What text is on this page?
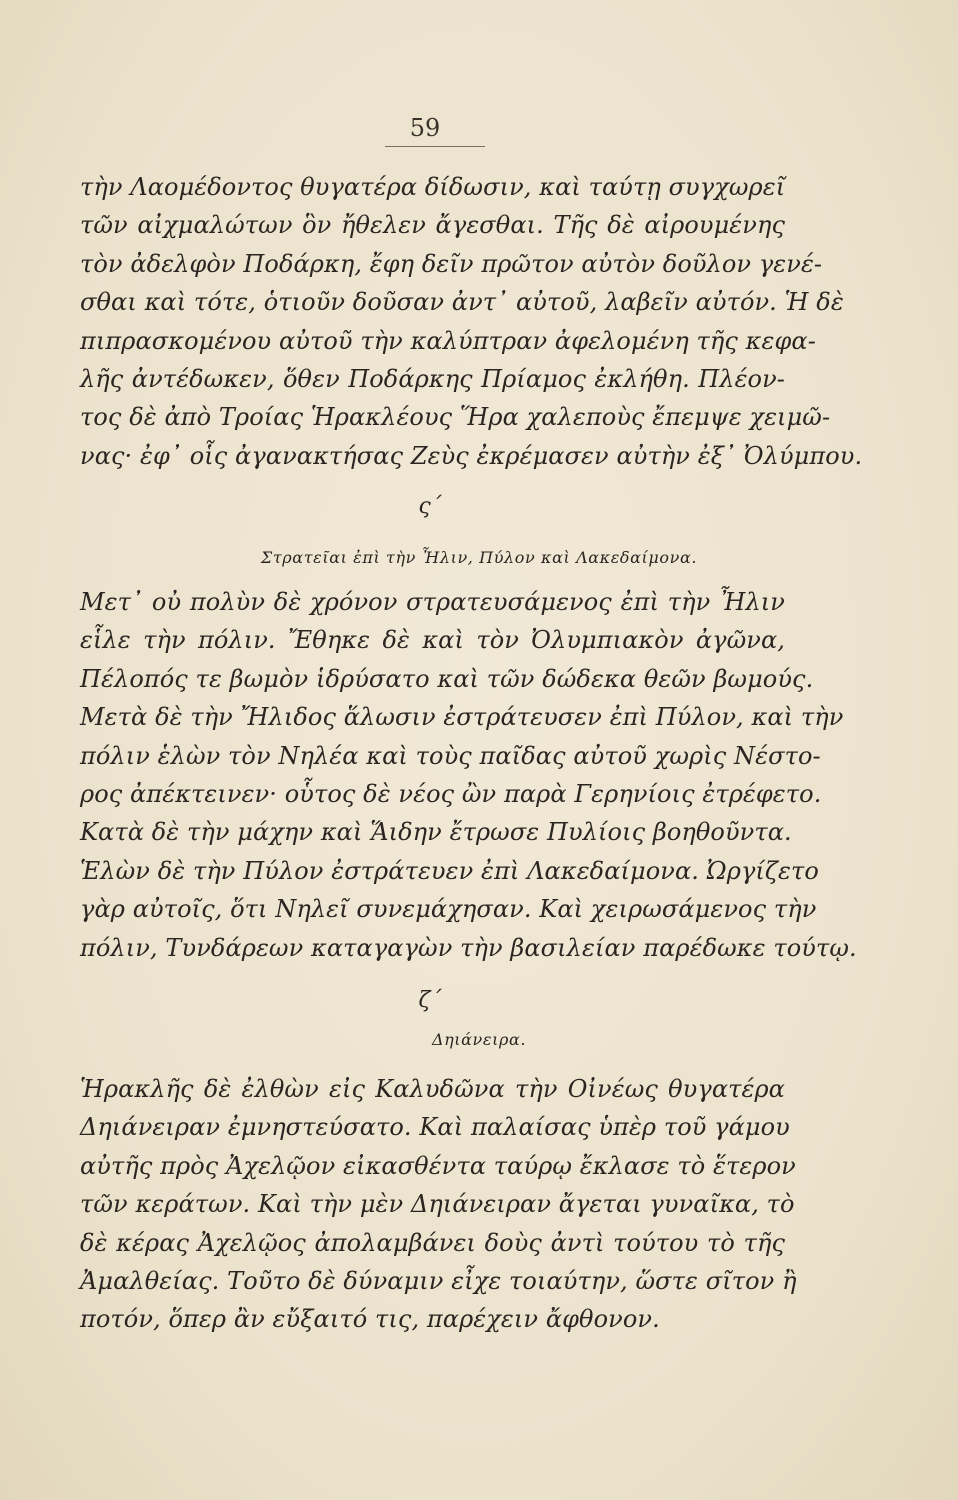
59
τὴν Λαομέδοντος θυγατέρα δίδωσιν, καὶ ταύτῃ συγχωρεῖ
τῶν αἰχμαλώτων ὃν ἤθελεν ἄγεσθαι. Τῆς δὲ αἰρουμένης
τὸν ἀδελφὸν Ποδάρκη, ἔφη δεῖν πρῶτον αὐτὸν δοῦλον γενέ-
σθαι καὶ τότε, ὁτιοῦν δοῦσαν ἀντ᾽ αὐτοῦ, λαβεῖν αὐτόν. Ἡ δὲ
πιπρασκομένου αὐτοῦ τὴν καλύπτραν ἀφελομένη τῆς κεφα-
λῆς ἀντέδωκεν, ὅθεν Ποδάρκης Πρίαμος ἐκλήθη. Πλέον-
τος δὲ ἀπὸ Τροίας Ἡρακλέους Ἥρα χαλεποὺς ἔπεμψε χειμῶ-
νας· ἐφ᾽ οἷς ἀγανακτήσας Ζεὺς ἐκρέμασεν αὐτὴν ἐξ᾽ Ὀλύμπου.
ς΄
Στρατεῖαι ἐπὶ τὴν Ἦλιν, Πύλον καὶ Λακεδαίμονα.
Μετ᾽ οὐ πολὺν δὲ χρόνον στρατευσάμενος ἐπὶ τὴν Ἦλιν
εἷλε τὴν πόλιν. Ἔθηκε δὲ καὶ τὸν Ὀλυμπιακὸν ἀγῶνα,
Πέλοπός τε βωμὸν ἱδρύσατο καὶ τῶν δώδεκα θεῶν βωμούς.
Μετὰ δὲ τὴν Ἤλιδος ἅλωσιν ἐστράτευσεν ἐπὶ Πύλον, καὶ τὴν
πόλιν ἑλὼν τὸν Νηλέα καὶ τοὺς παῖδας αὐτοῦ χωρὶς Νέστο-
ρος ἀπέκτεινεν· οὗτος δὲ νέος ὢν παρὰ Γερηνίοις ἐτρέφετο.
Κατὰ δὲ τὴν μάχην καὶ Ἅιδην ἔτρωσε Πυλίοις βοηθοῦντα.
Ἑλὼν δὲ τὴν Πύλον ἐστράτευεν ἐπὶ Λακεδαίμονα. Ὠργίζετο
γὰρ αὐτοῖς, ὅτι Νηλεῖ συνεμάχησαν. Καὶ χειρωσάμενος τὴν
πόλιν, Τυνδάρεων καταγαγὼν τὴν βασιλείαν παρέδωκε τούτῳ.
ζ΄
Δηιάνειρα.
Ἡρακλῆς δὲ ἐλθὼν εἰς Καλυδῶνα τὴν Οἰνέως θυγατέρα
Δηιάνειραν ἐμνηστεύσατο. Καὶ παλαίσας ὑπὲρ τοῦ γάμου
αὐτῆς πρὸς Ἀχελῷον εἰκασθέντα ταύρῳ ἔκλασε τὸ ἕτερον
τῶν κεράτων. Καὶ τὴν μὲν Δηιάνειραν ἄγεται γυναῖκα, τὸ
δὲ κέρας Ἀχελῷος ἀπολαμβάνει δοὺς ἀντὶ τούτου τὸ τῆς
Ἀμαλθείας. Τοῦτο δὲ δύναμιν εἶχε τοιαύτην, ὥστε σῖτον ἢ
ποτόν, ὅπερ ἂν εὔξαιτό τις, παρέχειν ἄφθονον.
